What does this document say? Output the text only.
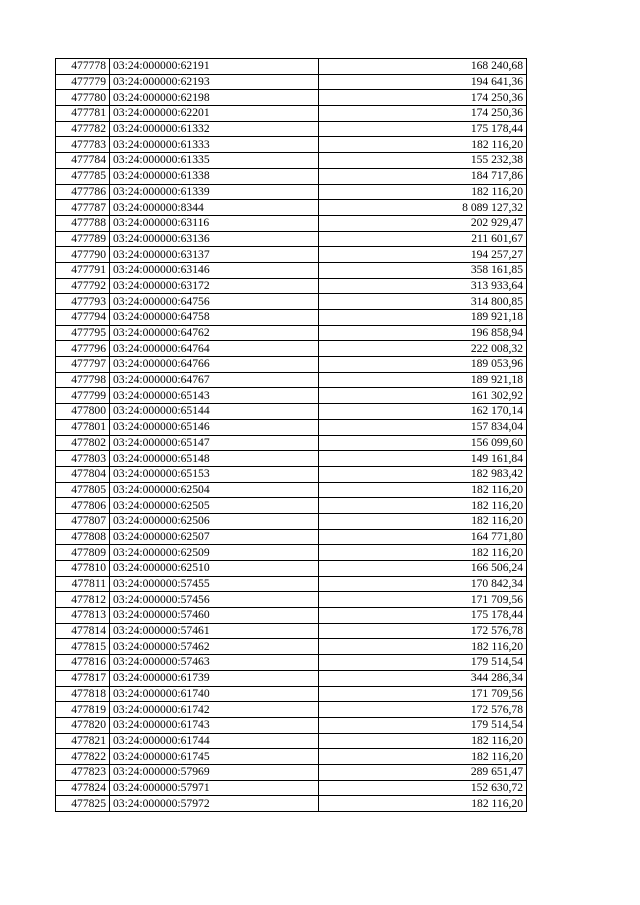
477778	03:24:000000:62191	168 240,68
477779	03:24:000000:62193	194 641,36
477780	03:24:000000:62198	174 250,36
477781	03:24:000000:62201	174 250,36
477782	03:24:000000:61332	175 178,44
477783	03:24:000000:61333	182 116,20
477784	03:24:000000:61335	155 232,38
477785	03:24:000000:61338	184 717,86
477786	03:24:000000:61339	182 116,20
477787	03:24:000000:8344	8 089 127,32
477788	03:24:000000:63116	202 929,47
477789	03:24:000000:63136	211 601,67
477790	03:24:000000:63137	194 257,27
477791	03:24:000000:63146	358 161,85
477792	03:24:000000:63172	313 933,64
477793	03:24:000000:64756	314 800,85
477794	03:24:000000:64758	189 921,18
477795	03:24:000000:64762	196 858,94
477796	03:24:000000:64764	222 008,32
477797	03:24:000000:64766	189 053,96
477798	03:24:000000:64767	189 921,18
477799	03:24:000000:65143	161 302,92
477800	03:24:000000:65144	162 170,14
477801	03:24:000000:65146	157 834,04
477802	03:24:000000:65147	156 099,60
477803	03:24:000000:65148	149 161,84
477804	03:24:000000:65153	182 983,42
477805	03:24:000000:62504	182 116,20
477806	03:24:000000:62505	182 116,20
477807	03:24:000000:62506	182 116,20
477808	03:24:000000:62507	164 771,80
477809	03:24:000000:62509	182 116,20
477810	03:24:000000:62510	166 506,24
477811	03:24:000000:57455	170 842,34
477812	03:24:000000:57456	171 709,56
477813	03:24:000000:57460	175 178,44
477814	03:24:000000:57461	172 576,78
477815	03:24:000000:57462	182 116,20
477816	03:24:000000:57463	179 514,54
477817	03:24:000000:61739	344 286,34
477818	03:24:000000:61740	171 709,56
477819	03:24:000000:61742	172 576,78
477820	03:24:000000:61743	179 514,54
477821	03:24:000000:61744	182 116,20
477822	03:24:000000:61745	182 116,20
477823	03:24:000000:57969	289 651,47
477824	03:24:000000:57971	152 630,72
477825	03:24:000000:57972	182 116,20
